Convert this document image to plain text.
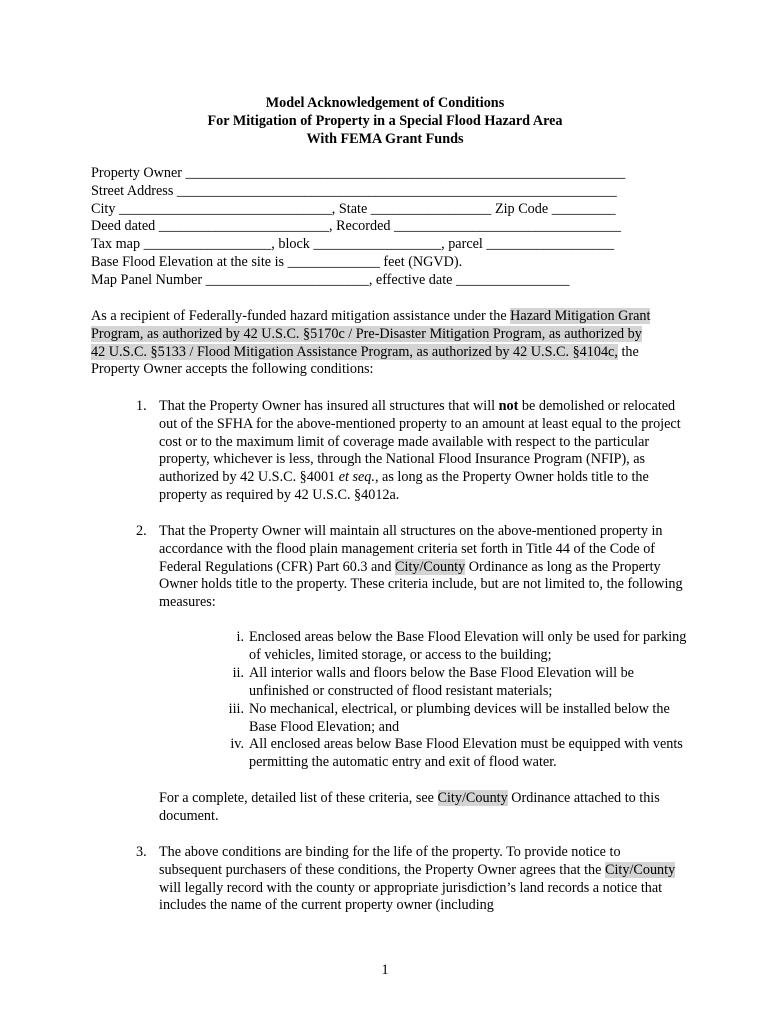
Model Acknowledgement of Conditions
For Mitigation of Property in a Special Flood Hazard Area
With FEMA Grant Funds
Property Owner ______________________________________________________________
Street Address ______________________________________________________________
City ______________________________, State _________________ Zip Code _________
Deed dated ________________________, Recorded ________________________________
Tax map __________________, block __________________, parcel __________________
Base Flood Elevation at the site is _____________ feet (NGVD).
Map Panel Number _______________________, effective date ________________
As a recipient of Federally-funded hazard mitigation assistance under the Hazard Mitigation Grant Program, as authorized by 42 U.S.C. §5170c / Pre-Disaster Mitigation Program, as authorized by 42 U.S.C. §5133 / Flood Mitigation Assistance Program, as authorized by 42 U.S.C. §4104c, the Property Owner accepts the following conditions:
1. That the Property Owner has insured all structures that will not be demolished or relocated out of the SFHA for the above-mentioned property to an amount at least equal to the project cost or to the maximum limit of coverage made available with respect to the particular property, whichever is less, through the National Flood Insurance Program (NFIP), as authorized by 42 U.S.C. §4001 et seq., as long as the Property Owner holds title to the property as required by 42 U.S.C. §4012a.
2. That the Property Owner will maintain all structures on the above-mentioned property in accordance with the flood plain management criteria set forth in Title 44 of the Code of Federal Regulations (CFR) Part 60.3 and City/County Ordinance as long as the Property Owner holds title to the property. These criteria include, but are not limited to, the following measures:
i. Enclosed areas below the Base Flood Elevation will only be used for parking of vehicles, limited storage, or access to the building;
ii. All interior walls and floors below the Base Flood Elevation will be unfinished or constructed of flood resistant materials;
iii. No mechanical, electrical, or plumbing devices will be installed below the Base Flood Elevation; and
iv. All enclosed areas below Base Flood Elevation must be equipped with vents permitting the automatic entry and exit of flood water.
For a complete, detailed list of these criteria, see City/County Ordinance attached to this document.
3. The above conditions are binding for the life of the property. To provide notice to subsequent purchasers of these conditions, the Property Owner agrees that the City/County will legally record with the county or appropriate jurisdiction’s land records a notice that includes the name of the current property owner (including
1
